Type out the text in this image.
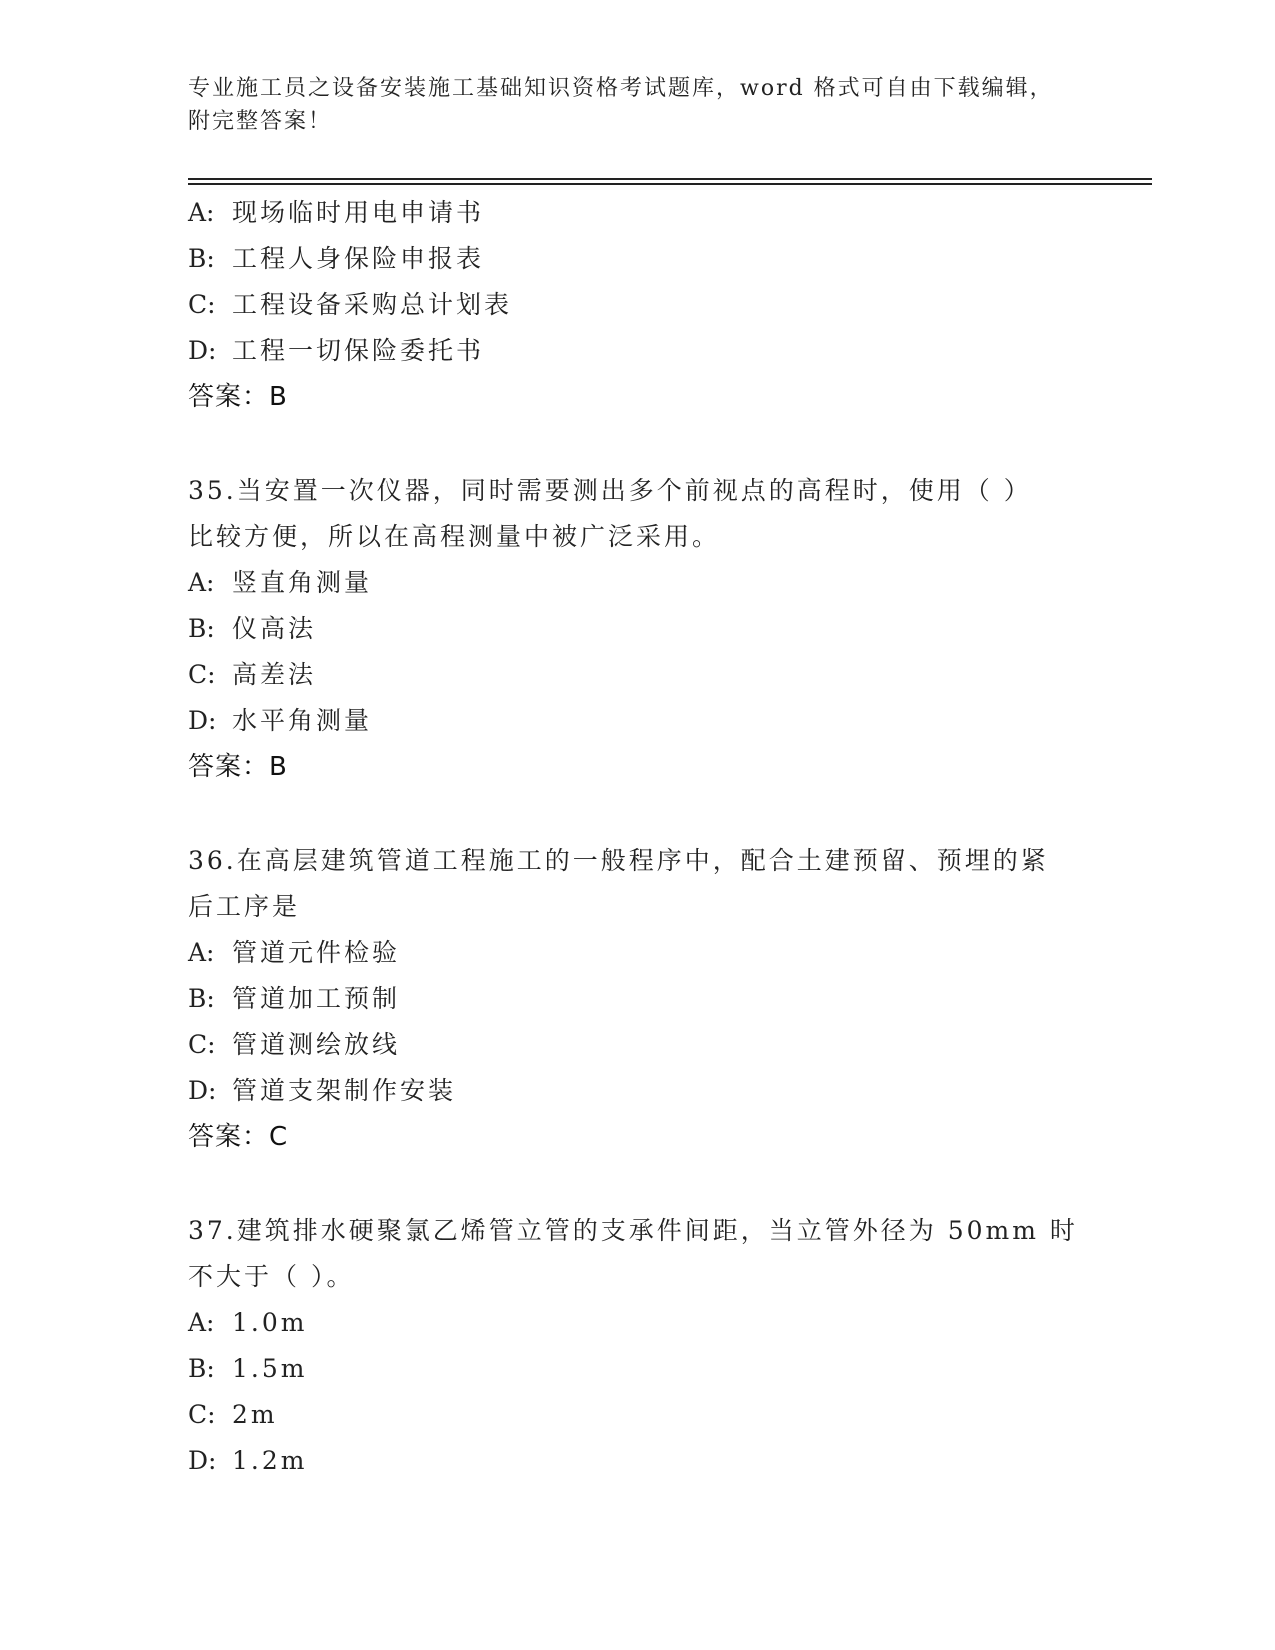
专业施工员之设备安装施工基础知识资格考试题库，word 格式可自由下载编辑，
附完整答案！
A: 现场临时用电申请书
B: 工程人身保险申报表
C: 工程设备采购总计划表
D: 工程一切保险委托书
答案：B
35.当安置一次仪器，同时需要测出多个前视点的高程时，使用（ ）
比较方便，所以在高程测量中被广泛采用。
A: 竖直角测量
B: 仪高法
C: 高差法
D: 水平角测量
答案：B
36.在高层建筑管道工程施工的一般程序中，配合土建预留、预埋的紧
后工序是
A: 管道元件检验
B: 管道加工预制
C: 管道测绘放线
D: 管道支架制作安装
答案：C
37.建筑排水硬聚氯乙烯管立管的支承件间距，当立管外径为 50mm 时
不大于（ ）。
A: 1.0m
B: 1.5m
C: 2m
D: 1.2m
